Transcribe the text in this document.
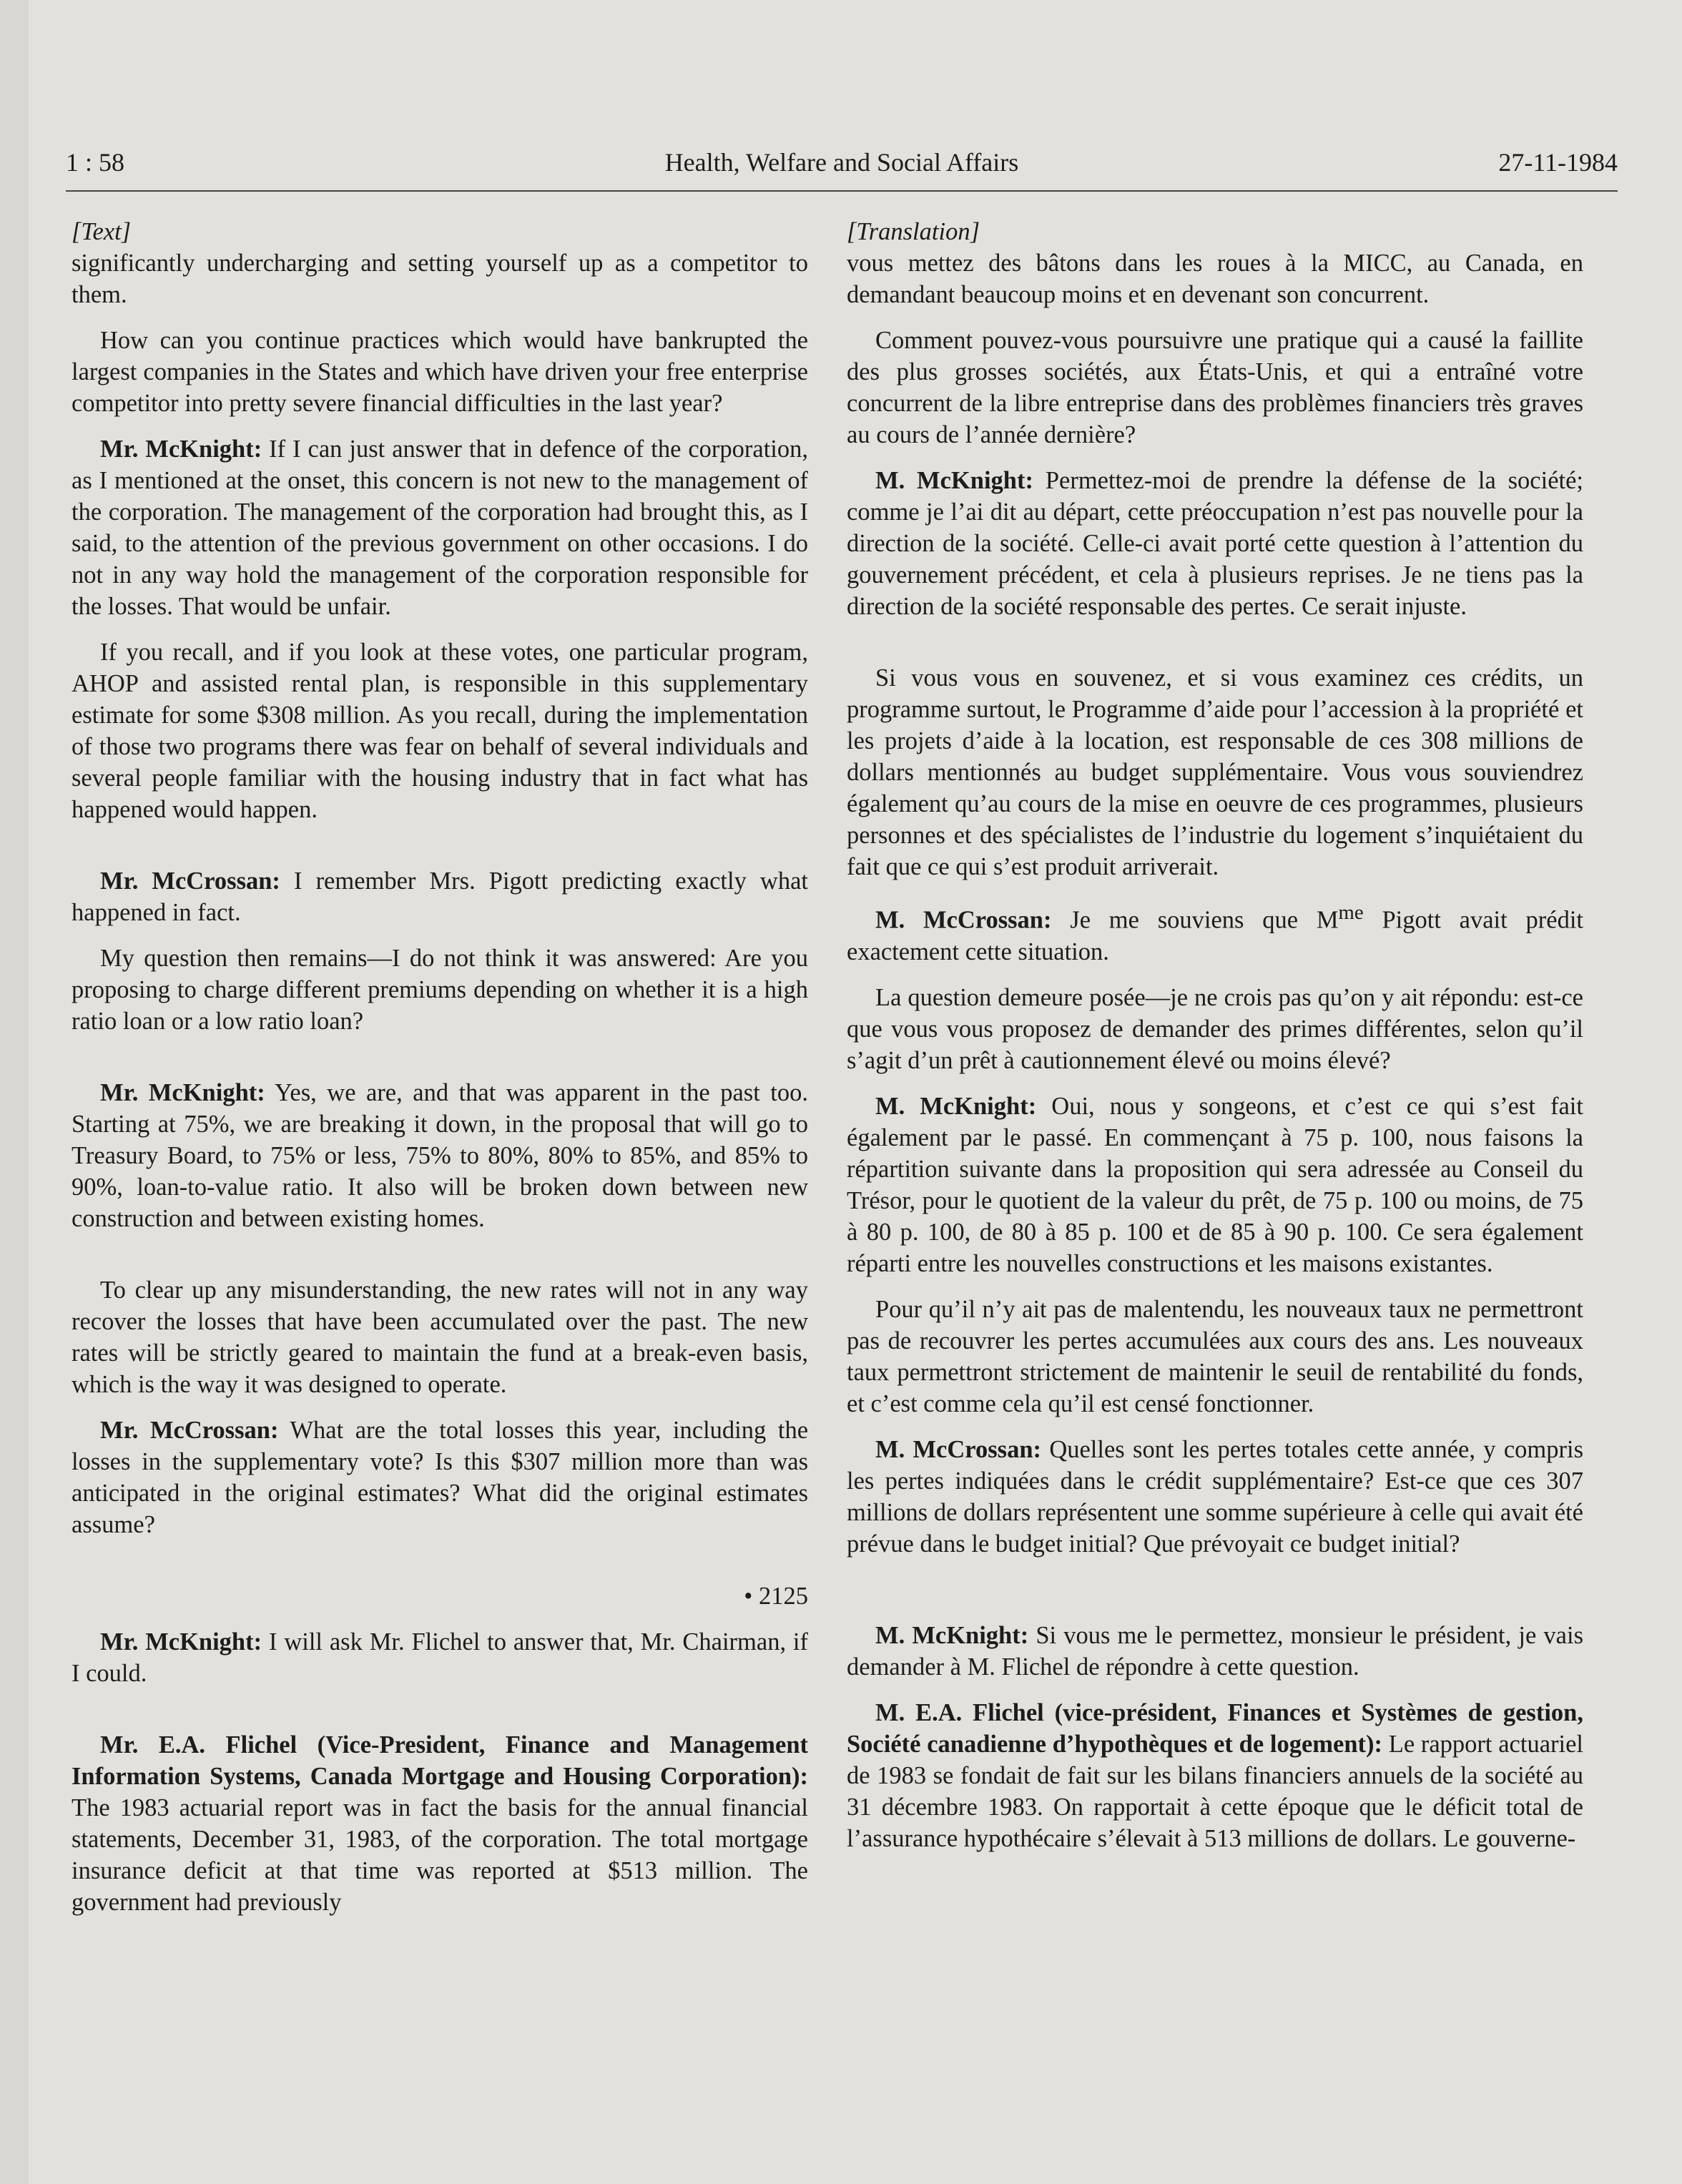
1 : 58	Health, Welfare and Social Affairs	27-11-1984
[Text]

significantly undercharging and setting yourself up as a competitor to them.

How can you continue practices which would have bankrupted the largest companies in the States and which have driven your free enterprise competitor into pretty severe financial difficulties in the last year?

Mr. McKnight: If I can just answer that in defence of the corporation, as I mentioned at the onset, this concern is not new to the management of the corporation. The management of the corporation had brought this, as I said, to the attention of the previous government on other occasions. I do not in any way hold the management of the corporation responsible for the losses. That would be unfair.

If you recall, and if you look at these votes, one particular program, AHOP and assisted rental plan, is responsible in this supplementary estimate for some $308 million. As you recall, during the implementation of those two programs there was fear on behalf of several individuals and several people familiar with the housing industry that in fact what has happened would happen.

Mr. McCrossan: I remember Mrs. Pigott predicting exactly what happened in fact.

My question then remains—I do not think it was answered: Are you proposing to charge different premiums depending on whether it is a high ratio loan or a low ratio loan?

Mr. McKnight: Yes, we are, and that was apparent in the past too. Starting at 75%, we are breaking it down, in the proposal that will go to Treasury Board, to 75% or less, 75% to 80%, 80% to 85%, and 85% to 90%, loan-to-value ratio. It also will be broken down between new construction and between existing homes.

To clear up any misunderstanding, the new rates will not in any way recover the losses that have been accumulated over the past. The new rates will be strictly geared to maintain the fund at a break-even basis, which is the way it was designed to operate.

Mr. McCrossan: What are the total losses this year, including the losses in the supplementary vote? Is this $307 million more than was anticipated in the original estimates? What did the original estimates assume?

• 2125

Mr. McKnight: I will ask Mr. Flichel to answer that, Mr. Chairman, if I could.

Mr. E.A. Flichel (Vice-President, Finance and Management Information Systems, Canada Mortgage and Housing Corporation): The 1983 actuarial report was in fact the basis for the annual financial statements, December 31, 1983, of the corporation. The total mortgage insurance deficit at that time was reported at $513 million. The government had previously

[Translation]

vous mettez des bâtons dans les roues à la MICC, au Canada, en demandant beaucoup moins et en devenant son concurrent.

Comment pouvez-vous poursuivre une pratique qui a causé la faillite des plus grosses sociétés, aux États-Unis, et qui a entraîné votre concurrent de la libre entreprise dans des problèmes financiers très graves au cours de l’année dernière?

M. McKnight: Permettez-moi de prendre la défense de la société; comme je l’ai dit au départ, cette préoccupation n’est pas nouvelle pour la direction de la société. Celle-ci avait porté cette question à l’attention du gouvernement précédent, et cela à plusieurs reprises. Je ne tiens pas la direction de la société responsable des pertes. Ce serait injuste.

Si vous vous en souvenez, et si vous examinez ces crédits, un programme surtout, le Programme d’aide pour l’accession à la propriété et les projets d’aide à la location, est responsable de ces 308 millions de dollars mentionnés au budget supplémentaire. Vous vous souviendrez également qu’au cours de la mise en oeuvre de ces programmes, plusieurs personnes et des spécialistes de l’industrie du logement s’inquiétaient du fait que ce qui s’est produit arriverait.

M. McCrossan: Je me souviens que $M^{me}$ Pigott avait prédit exactement cette situation.

La question demeure posée—je ne crois pas qu’on y ait répondu: est-ce que vous vous proposez de demander des primes différentes, selon qu’il s’agit d’un prêt à cautionnement élevé ou moins élevé?

M. McKnight: Oui, nous y songeons, et c’est ce qui s’est fait également par le passé. En commençant à 75 p. 100, nous faisons la répartition suivante dans la proposition qui sera adressée au Conseil du Trésor, pour le quotient de la valeur du prêt, de 75 p. 100 ou moins, de 75 à 80 p. 100, de 80 à 85 p. 100 et de 85 à 90 p. 100. Ce sera également réparti entre les nouvelles constructions et les maisons existantes.

Pour qu’il n’y ait pas de malentendu, les nouveaux taux ne permettront pas de recouvrer les pertes accumulées aux cours des ans. Les nouveaux taux permettront strictement de maintenir le seuil de rentabilité du fonds, et c’est comme cela qu’il est censé fonctionner.

M. McCrossan: Quelles sont les pertes totales cette année, y compris les pertes indiquées dans le crédit supplémentaire? Est-ce que ces 307 millions de dollars représentent une somme supérieure à celle qui avait été prévue dans le budget initial? Que prévoyait ce budget initial?

M. McKnight: Si vous me le permettez, monsieur le président, je vais demander à M. Flichel de répondre à cette question.

M. E.A. Flichel (vice-président, Finances et Systèmes de gestion, Société canadienne d’hypothèques et de logement): Le rapport actuariel de 1983 se fondait de fait sur les bilans financiers annuels de la société au 31 décembre 1983. On rapportait à cette époque que le déficit total de l’assurance hypothécaire s’élevait à 513 millions de dollars. Le gouverne-
